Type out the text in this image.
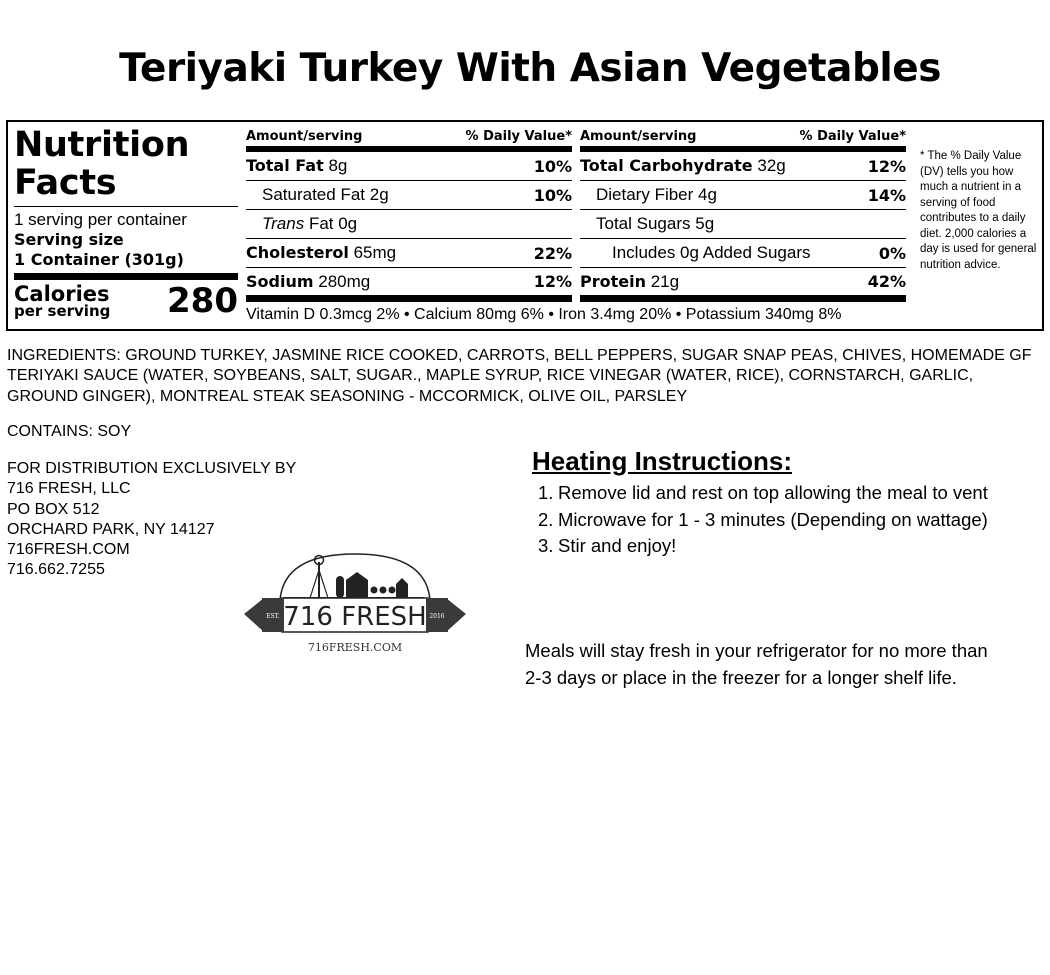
Teriyaki Turkey With Asian Vegetables
Nutrition
Facts
1 serving per container
Serving size
1 Container (301g)
Calories
per serving 280
Amount/serving	% Daily Value*
Total Fat 8g	10%
Saturated Fat 2g	10%
Trans Fat 0g
Cholesterol 65mg	22%
Sodium 280mg	12%
Amount/serving	% Daily Value*
Total Carbohydrate 32g	12%
Dietary Fiber 4g	14%
Total Sugars 5g
Includes 0g Added Sugars	0%
Protein 21g	42%
Vitamin D 0.3mcg 2% • Calcium 80mg 6% • Iron 3.4mg 20% • Potassium 340mg 8%
* The % Daily Value (DV) tells you how much a nutrient in a serving of food contributes to a daily diet. 2,000 calories a day is used for general nutrition advice.
INGREDIENTS: GROUND TURKEY, JASMINE RICE COOKED, CARROTS, BELL PEPPERS, SUGAR SNAP PEAS, CHIVES, HOMEMADE GF TERIYAKI SAUCE (WATER, SOYBEANS, SALT, SUGAR., MAPLE SYRUP, RICE VINEGAR (WATER, RICE), CORNSTARCH, GARLIC, GROUND GINGER), MONTREAL STEAK SEASONING - MCCORMICK, OLIVE OIL, PARSLEY
CONTAINS: SOY
FOR DISTRIBUTION EXCLUSIVELY BY
716 FRESH, LLC
PO BOX 512
ORCHARD PARK, NY 14127
716FRESH.COM
716.662.7255
EST.	2016
716 FRESH
716FRESH.COM
Heating Instructions:
1. Remove lid and rest on top allowing the meal to vent
2. Microwave for 1 - 3 minutes (Depending on wattage)
3. Stir and enjoy!
Meals will stay fresh in your refrigerator for no more than 2-3 days or place in the freezer for a longer shelf life.
